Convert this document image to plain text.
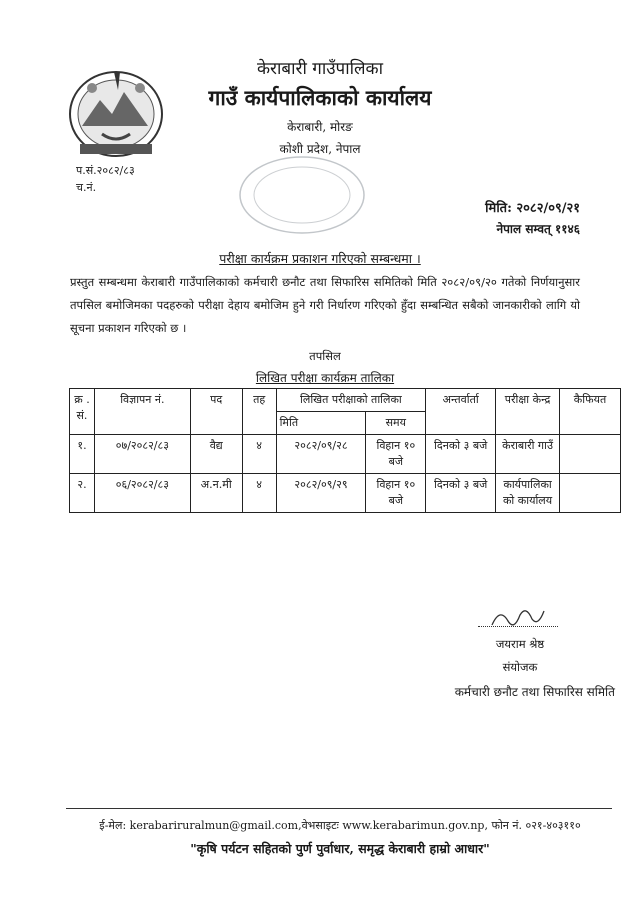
केराबारी गाउँपालिका
गाउँ कार्यपालिकाको कार्यालय
केराबारी, मोरङ
कोशी प्रदेश, नेपाल
प.सं.२०८२/८३
च.नं.
मिति: २०८२/०९/२१
नेपाल सम्वत् ११४६
परीक्षा कार्यक्रम प्रकाशन गरिएको सम्बन्धमा ।
प्रस्तुत सम्बन्धमा केराबारी गाउँपालिकाको कर्मचारी छनौट तथा सिफारिस समितिको मिति २०८२/०९/२० गतेको निर्णयानुसार तपसिल बमोजिमका पदहरुको परीक्षा देहाय बमोजिम हुने गरी निर्धारण गरिएको हुँदा सम्बन्धित सबैको जानकारीको लागि यो सूचना प्रकाशन गरिएको छ ।
तपसिल
लिखित परीक्षा कार्यक्रम तालिका
क्र . सं.	विज्ञापन नं.	पद	तह	लिखित परीक्षाको तालिका		अन्तर्वार्ता	परीक्षा केन्द्र	कैफियत
				मिति	समय			
१.	०७/२०८२/८३	वैद्य	४	२०८२/०९/२८	विहान १० बजे	दिनको ३ बजे	केराबारी गाउँ	
२.	०६/२०८२/८३	अ.न.मी	४	२०८२/०९/२९	विहान १० बजे	दिनको ३ बजे	कार्यपालिका को कार्यालय	
जयराम श्रेष्ठ
संयोजक
कर्मचारी छनौट तथा सिफारिस समिति
ई-मेल: kerabariruralmun@gmail.com,वेभसाइटः www.kerabarimun.gov.np, फोन नं. ०२१-४०३११०
"कृषि पर्यटन सहितको पुर्ण पुर्वाधार, समृद्ध केराबारी हाम्रो आधार"
